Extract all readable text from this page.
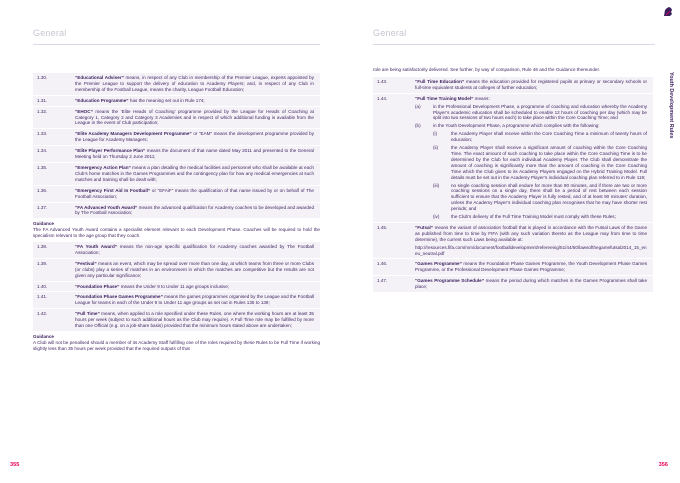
General
1.30.	“Educational Adviser” means, in respect of any Club in membership of the Premier League, experts appointed by the Premier League to support the delivery of education to Academy Players; and, in respect of any Club in membership of the Football League, means the charity, League Football Education;
1.31.	“Education Programme” has the meaning set out in Rule 174;
1.32.	“EHOC” means the ‘Elite Heads of Coaching’ programme provided by the League for Heads of Coaching at Category 1, Category 2 and Category 3 Academies and in respect of which additional funding is available from the League in the event of Club participation;
1.33.	“Elite Academy Managers Development Programme” or “EAM” means the development programme provided by the League for Academy Managers;
1.34.	“Elite Player Performance Plan” means the document of that name dated May 2011 and presented to the General Meeting held on Thursday 2 June 2011;
1.35.	“Emergency Action Plan” means a plan detailing the medical facilities and personnel who shall be available at each Club’s home matches in the Games Programmes and the contingency plan for how any medical emergencies at such matches and training shall be dealt with;
1.36.	“Emergency First Aid In Football” or “EFAiF” means the qualification of that name issued by or on behalf of The Football Association;
1.37.	“FA Advanced Youth Award” means the advanced qualification for Academy coaches to be developed and awarded by The Football Association;
Guidance
The FA Advanced Youth Award contains a specialist element relevant to each Development Phase. Coaches will be required to hold the specialism relevant to the age group that they coach.
1.38.	“FA Youth Award” means the non-age specific qualification for Academy coaches awarded by The Football Association;
1.39.	“Festival” means an event, which may be spread over more than one day, at which teams from three or more Clubs (or clubs) play a series of matches in an environment in which the matches are competitive but the results are not given any particular significance;
1.40.	“Foundation Phase” means the Under 9 to Under 11 age groups inclusive;
1.41.	“Foundation Phase Games Programme” means the games programmes organised by the League and the Football League for teams in each of the Under 9 to Under 11 age groups as set out in Rules 135 to 139;
1.42.	“Full Time” means, when applied to a role specified under these Rules, one where the working hours are at least 35 hours per week (subject to such additional hours as the Club may require). A Full Time role may be fulfilled by more than one Official (e.g. on a job-share basis) provided that the minimum hours stated above are undertaken;
Guidance
A Club will not be penalised should a member of its Academy Staff fulfilling one of the roles required by these Rules to be Full Time if working slightly less than 35 hours per week provided that the required outputs of that
355
General
Youth Development Rules
role are being satisfactorily delivered. See further, by way of comparison, Rule 46 and the Guidance thereunder.
1.43.	“Full Time Education” means the education provided for registered pupils at primary or secondary schools or full-time equivalent students at colleges of further education;
1.44.	“Full Time Training Model” means:
(a)	in the Professional Development Phase, a programme of coaching and education whereby the Academy Player’s academic education shall be scheduled to enable 12 hours of coaching per day (which may be split into two sessions of two hours each) to take place within the Core Coaching Time; and
(b)	in the Youth Development Phase, a programme which complies with the following:
(i)	the Academy Player shall receive within the Core Coaching Time a minimum of twenty hours of education;
(ii)	the Academy Player shall receive a significant amount of coaching within the Core Coaching Time. The exact amount of such coaching to take place within the Core Coaching Time is to be determined by the Club for each individual Academy Player. The Club shall demonstrate the amount of coaching is significantly more than the amount of coaching in the Core Coaching Time which the Club gives to its Academy Players engaged on the Hybrid Training Model. Full details must be set out in the Academy Player’s individual coaching plan referred to in Rule 119;
(iii)	no single coaching session shall endure for more than 90 minutes, and if there are two or more coaching sessions on a single day, there shall be a period of rest between each session sufficient to ensure that the Academy Player is fully rested, and of at least 90 minutes’ duration, unless the Academy Player’s individual coaching plan recognises that he may have shorter rest periods; and
(iv)	the Club’s delivery of the Full Time Training Model must comply with these Rules;
1.45.	“Futsal” means the variant of association football that is played in accordance with the Futsal Laws of the Game as published from time to time by FIFA (with any such variation thereto as the League may from time to time determine), the current such Laws being available at:
http://resources.fifa.com/mm/document/footballdevelopment/refereeing/51/44/50/lawsofthegamefutsal2014_15_eneu_neutral.pdf
1.46.	“Games Programme” means the Foundation Phase Games Programme, the Youth Development Phase Games Programme, or the Professional Development Phase Games Programme;
1.47.	“Games Programme Schedule” means the period during which matches in the Games Programmes shall take place;
356
